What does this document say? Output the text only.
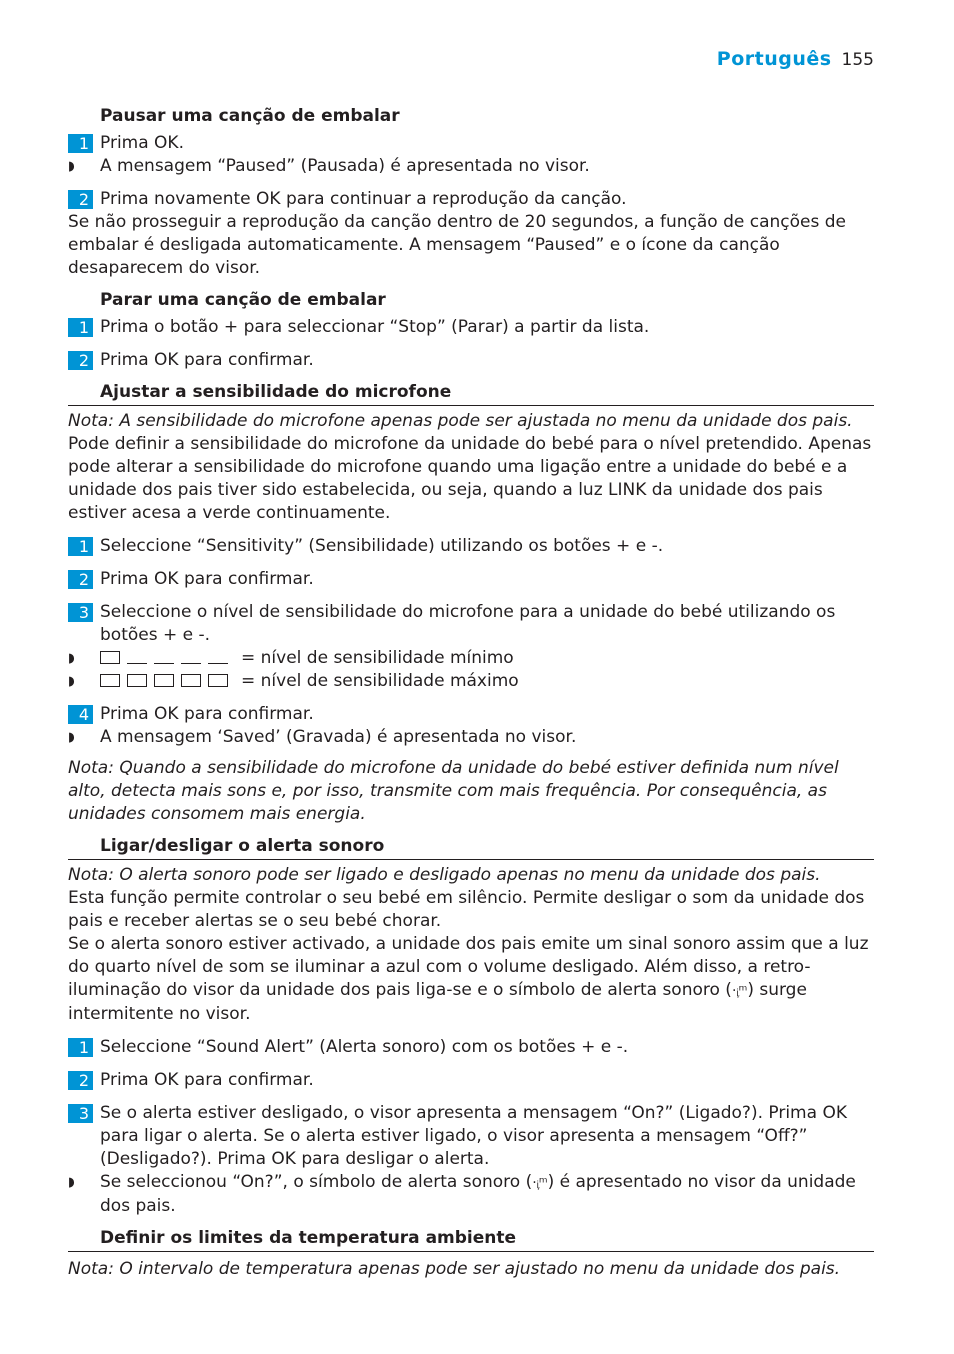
Português 155
Pausar uma canção de embalar
1 Prima OK.
◗	A mensagem “Paused” (Pausada) é apresentada no visor.
2 Prima novamente OK para continuar a reprodução da canção.

Se não prosseguir a reprodução da canção dentro de 20 segundos, a função de canções de embalar é desligada automaticamente. A mensagem “Paused” e o ícone da canção desaparecem do visor.

Parar uma canção de embalar
1 Prima o botão + para seleccionar “Stop” (Parar) a partir da lista.
2 Prima OK para confirmar.
Ajustar a sensibilidade do microfone

Nota: A sensibilidade do microfone apenas pode ser ajustada no menu da unidade dos pais.

Pode definir a sensibilidade do microfone da unidade do bebé para o nível pretendido. Apenas pode alterar a sensibilidade do microfone quando uma ligação entre a unidade do bebé e a unidade dos pais tiver sido estabelecida, ou seja, quando a luz LINK da unidade dos pais estiver acesa a verde continuamente.

1 Seleccione “Sensitivity” (Sensibilidade) utilizando os botões + e -.
2 Prima OK para confirmar.
3 Seleccione o nível de sensibilidade do microfone para a unidade do bebé utilizando os botões + e -.
◗	= nível de sensibilidade mínimo
◗	= nível de sensibilidade máximo
4 Prima OK para confirmar.
◗	A mensagem ‘Saved’ (Gravada) é apresentada no visor.

Nota: Quando a sensibilidade do microfone da unidade do bebé estiver definida num nível alto, detecta mais sons e, por isso, transmite com mais frequência. Por consequência, as unidades consomem mais energia.

Ligar/desligar o alerta sonoro

Nota: O alerta sonoro pode ser ligado e desligado apenas no menu da unidade dos pais.

Esta função permite controlar o seu bebé em silêncio. Permite desligar o som da unidade dos pais e receber alertas se o seu bebé chorar.

Se o alerta sonoro estiver activado, a unidade dos pais emite um sinal sonoro assim que a luz do quarto nível de som se iluminar a azul com o volume desligado. Além disso, a retro-iluminação do visor da unidade dos pais liga-se e o símbolo de alerta sonoro (·ᵢ᷊ᵐ) surge intermitente no visor.

1 Seleccione “Sound Alert” (Alerta sonoro) com os botões + e -.
2 Prima OK para confirmar.
3 Se o alerta estiver desligado, o visor apresenta a mensagem “On?” (Ligado?). Prima OK para ligar o alerta. Se o alerta estiver ligado, o visor apresenta a mensagem “Off?” (Desligado?). Prima OK para desligar o alerta.
◗	Se seleccionou “On?”, o símbolo de alerta sonoro (·ᵢ᷊ᵐ) é apresentado no visor da unidade dos pais.
Definir os limites da temperatura ambiente

Nota: O intervalo de temperatura apenas pode ser ajustado no menu da unidade dos pais.
